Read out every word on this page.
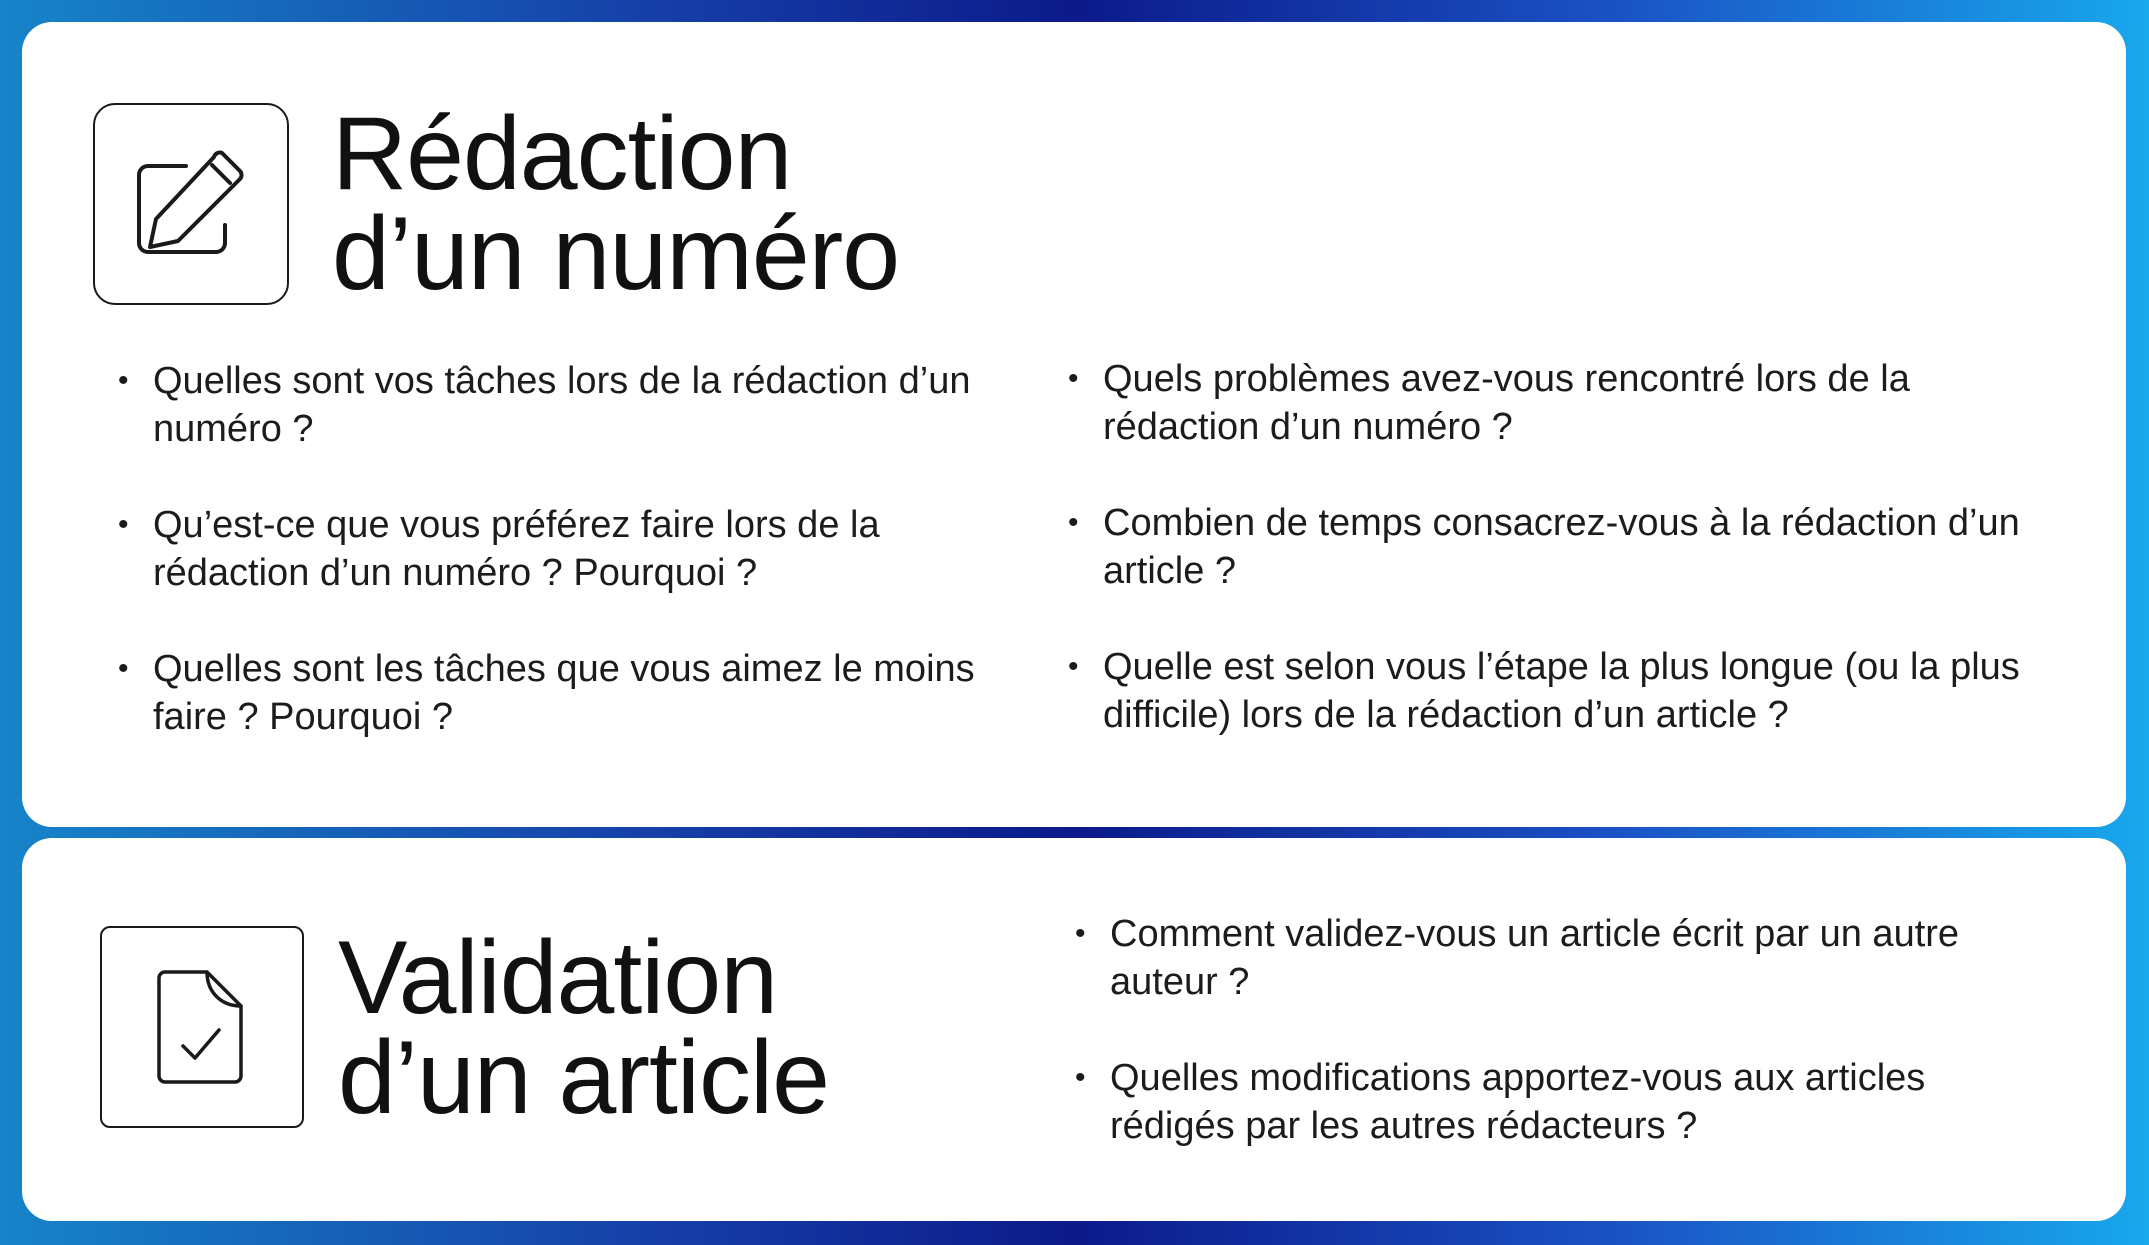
Rédaction
d’un numéro
• Quelles sont vos tâches lors de la rédaction d’un numéro ?
• Qu’est-ce que vous préférez faire lors de la rédaction d’un numéro ? Pourquoi ?
• Quelles sont les tâches que vous aimez le moins faire ? Pourquoi ?
• Quels problèmes avez-vous rencontré lors de la rédaction d’un numéro ?
• Combien de temps consacrez-vous à la rédaction d’un article ?
• Quelle est selon vous l’étape la plus longue (ou la plus difficile) lors de la rédaction d’un article ?
Validation
d’un article
• Comment validez-vous un article écrit par un autre auteur ?
• Quelles modifications apportez-vous aux articles rédigés par les autres rédacteurs ?
